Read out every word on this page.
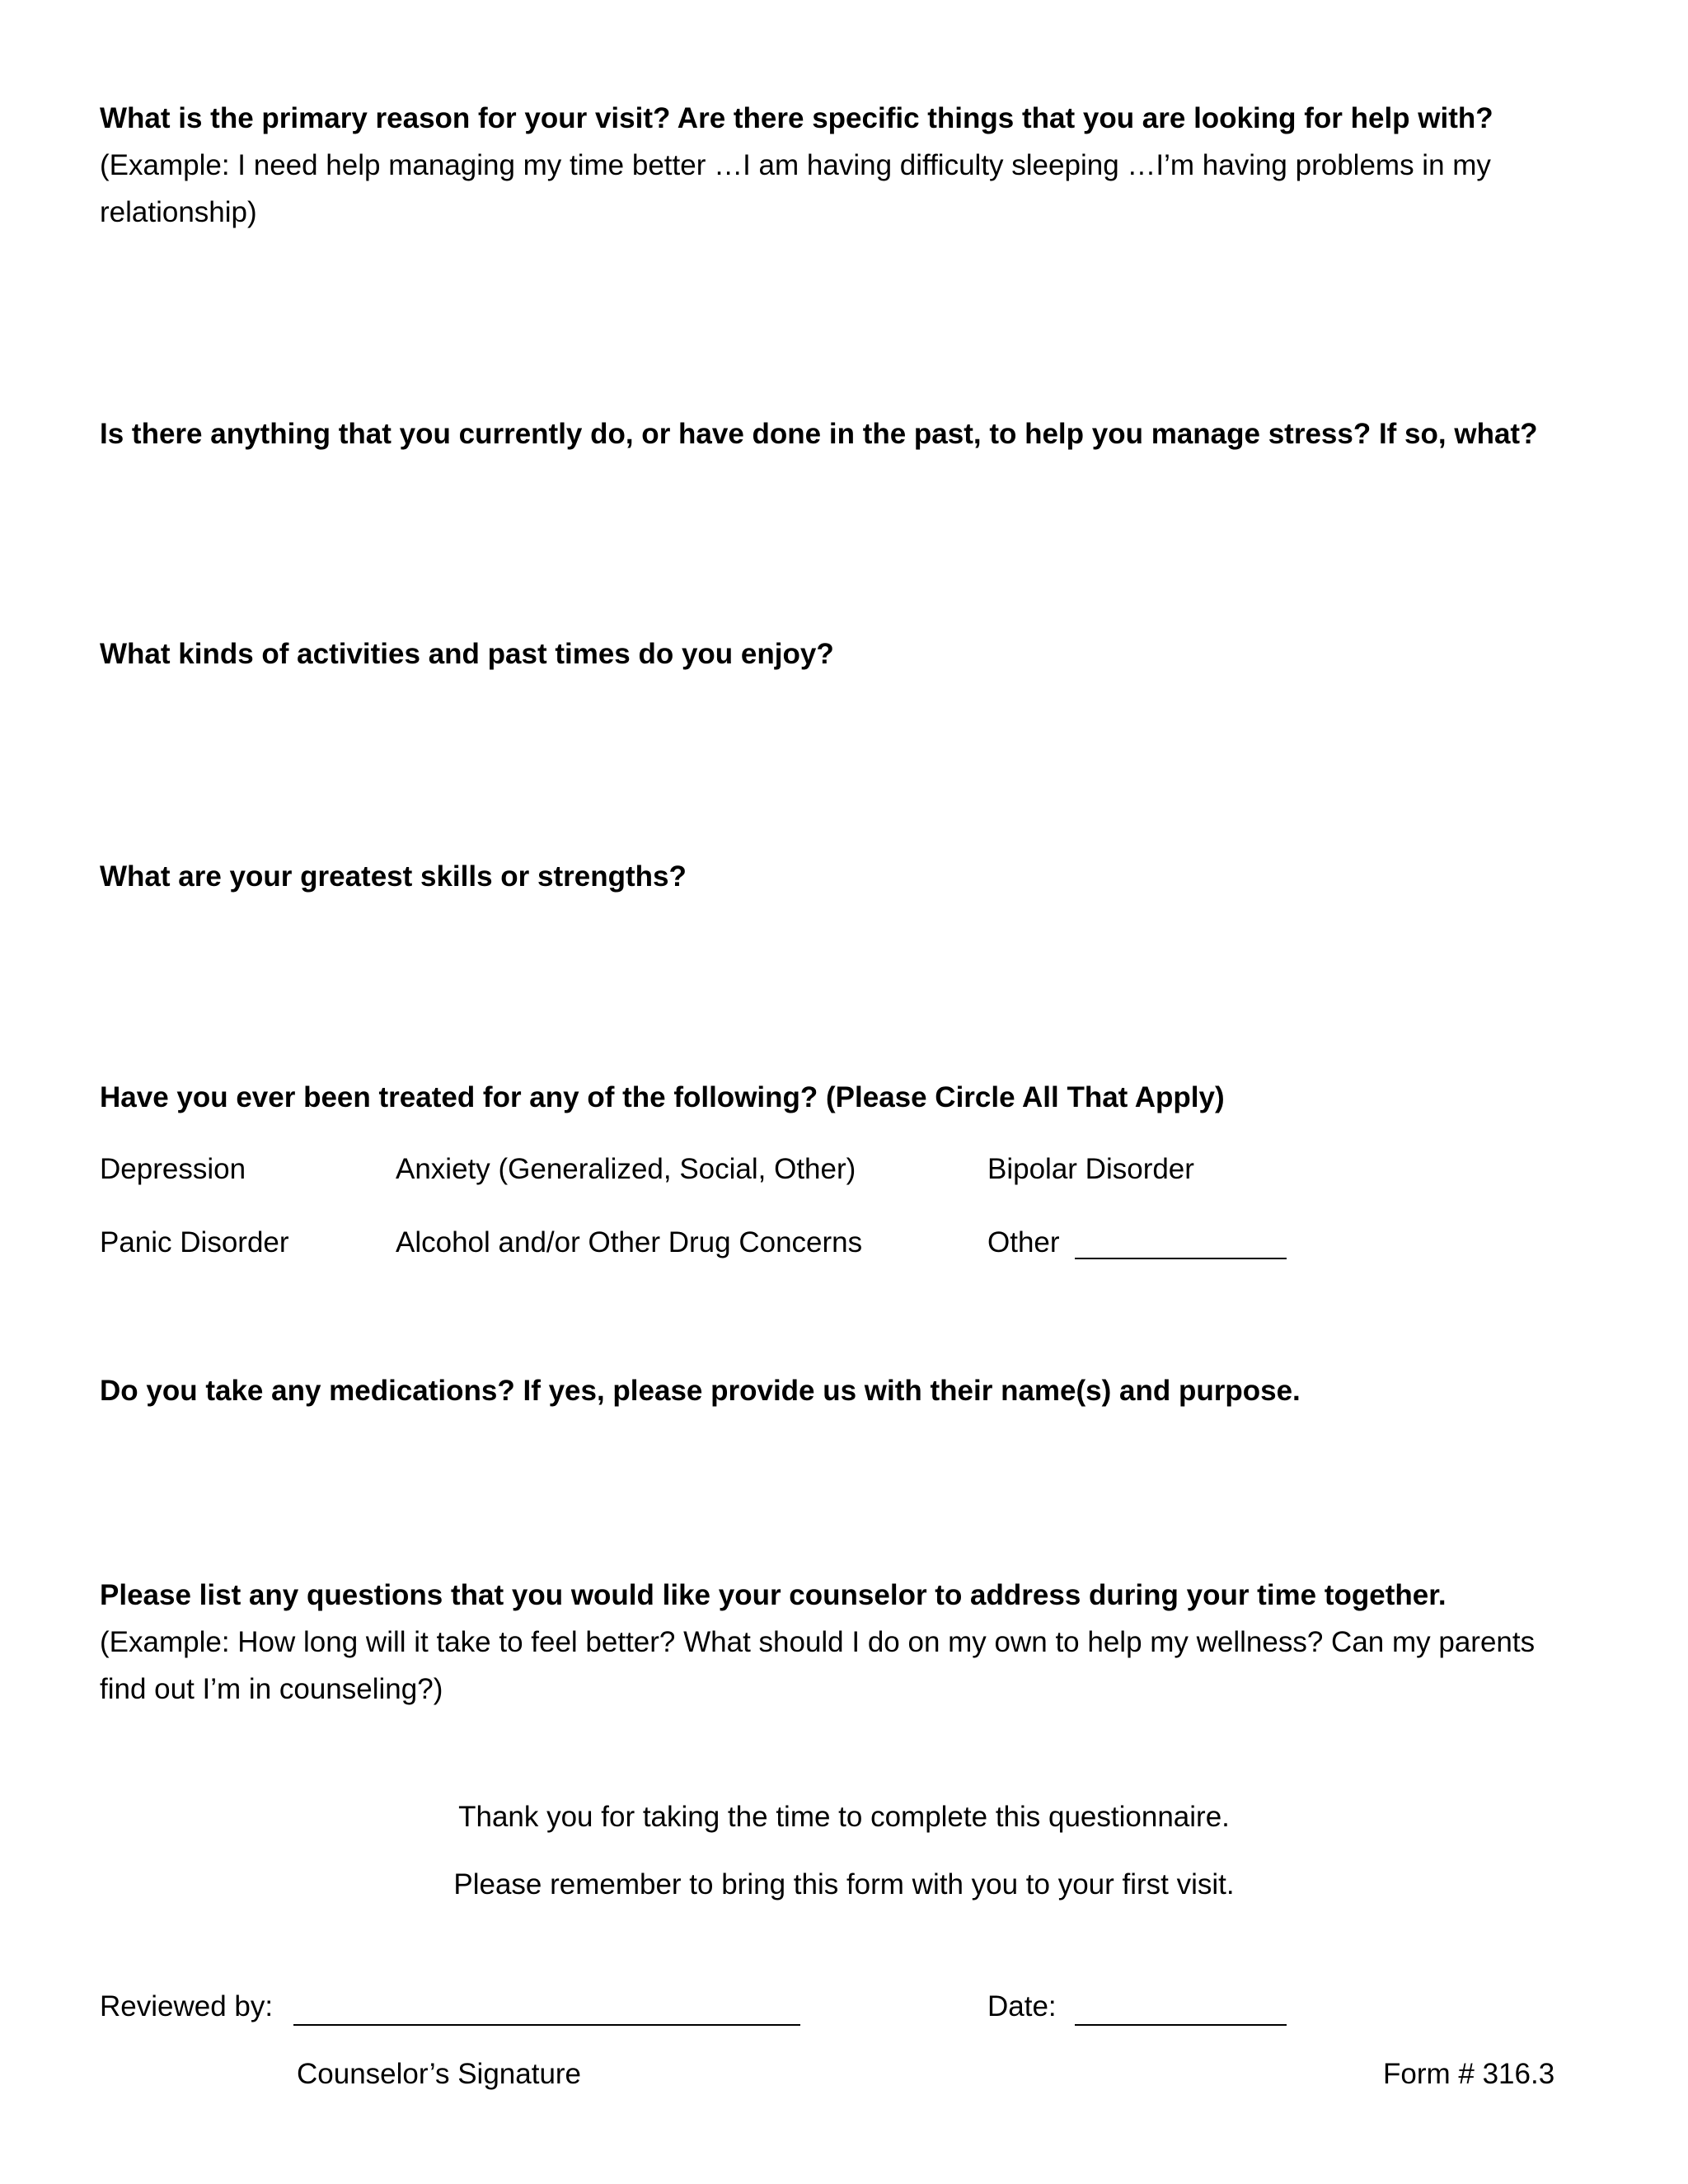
What is the primary reason for your visit? Are there specific things that you are looking for help with?
(Example: I need help managing my time better …I am having difficulty sleeping …I’m having problems in my relationship)
Is there anything that you currently do, or have done in the past, to help you manage stress? If so, what?
What kinds of activities and past times do you enjoy?
What are your greatest skills or strengths?
Have you ever been treated for any of the following? (Please Circle All That Apply)
Depression	Anxiety (Generalized, Social, Other)	Bipolar Disorder
Panic Disorder	Alcohol and/or Other Drug Concerns	Other
Do you take any medications? If yes, please provide us with their name(s) and purpose.
Please list any questions that you would like your counselor to address during your time together.
(Example: How long will it take to feel better? What should I do on my own to help my wellness? Can my parents find out I’m in counseling?)
Thank you for taking the time to complete this questionnaire.
Please remember to bring this form with you to your first visit.
Reviewed by:	Date:
Counselor’s Signature	Form # 316.3
